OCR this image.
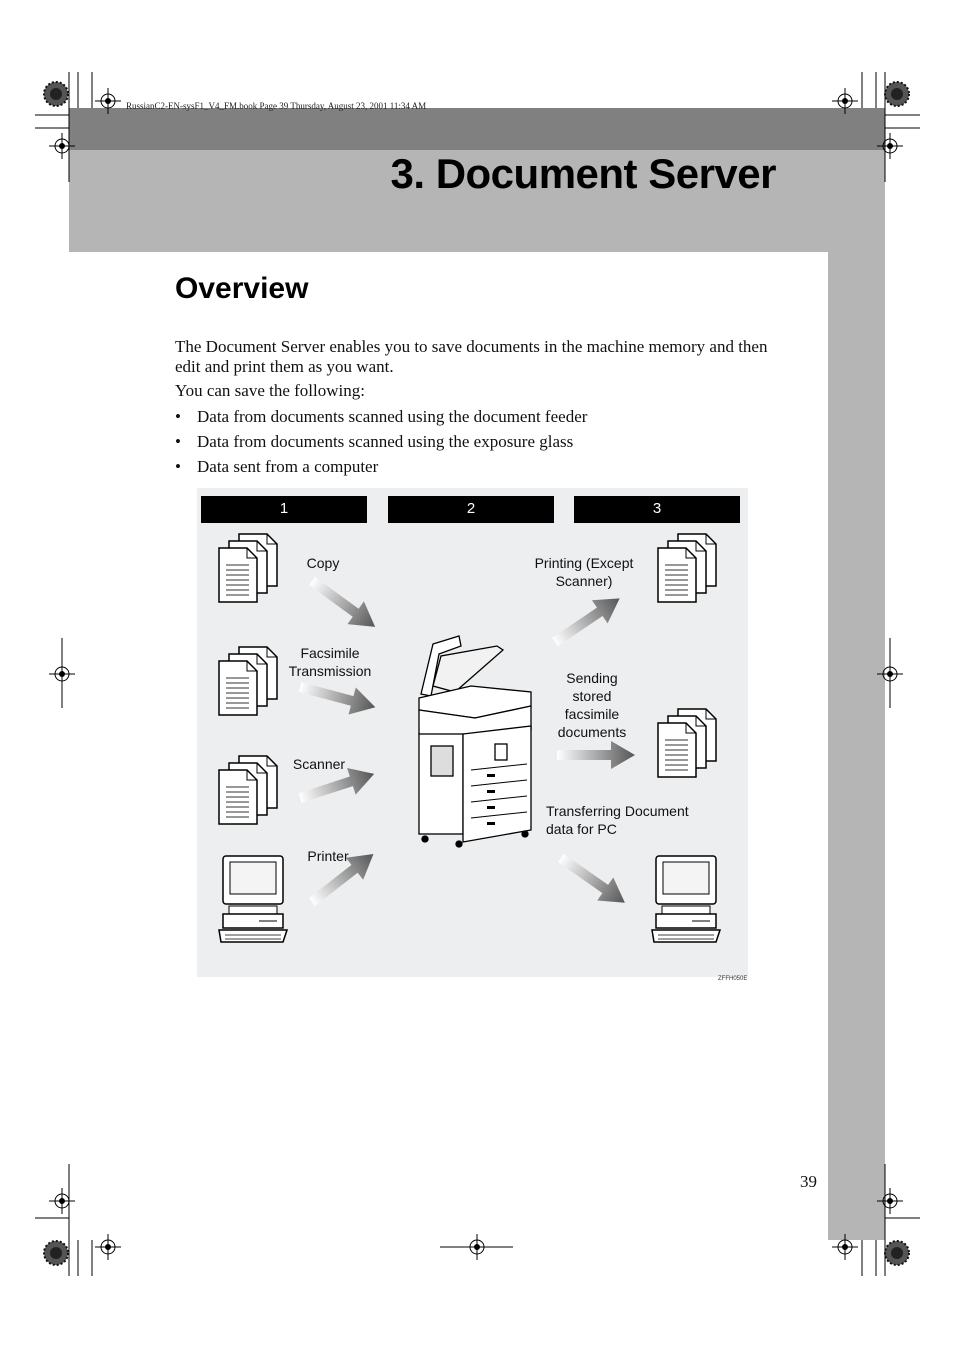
RussianC2-EN-sysF1_V4_FM.book Page 39 Thursday, August 23, 2001 11:34 AM
3. Document Server
Overview
The Document Server enables you to save documents in the machine memory and then edit and print them as you want.
You can save the following:
• Data from documents scanned using the document feeder
• Data from documents scanned using the exposure glass
• Data sent from a computer
1	2	3
Copy
Facsimile Transmission
Scanner
Printer
Printing (Except Scanner)
Sending stored facsimile documents
Transferring Document data for PC
ZFFH050E
39
